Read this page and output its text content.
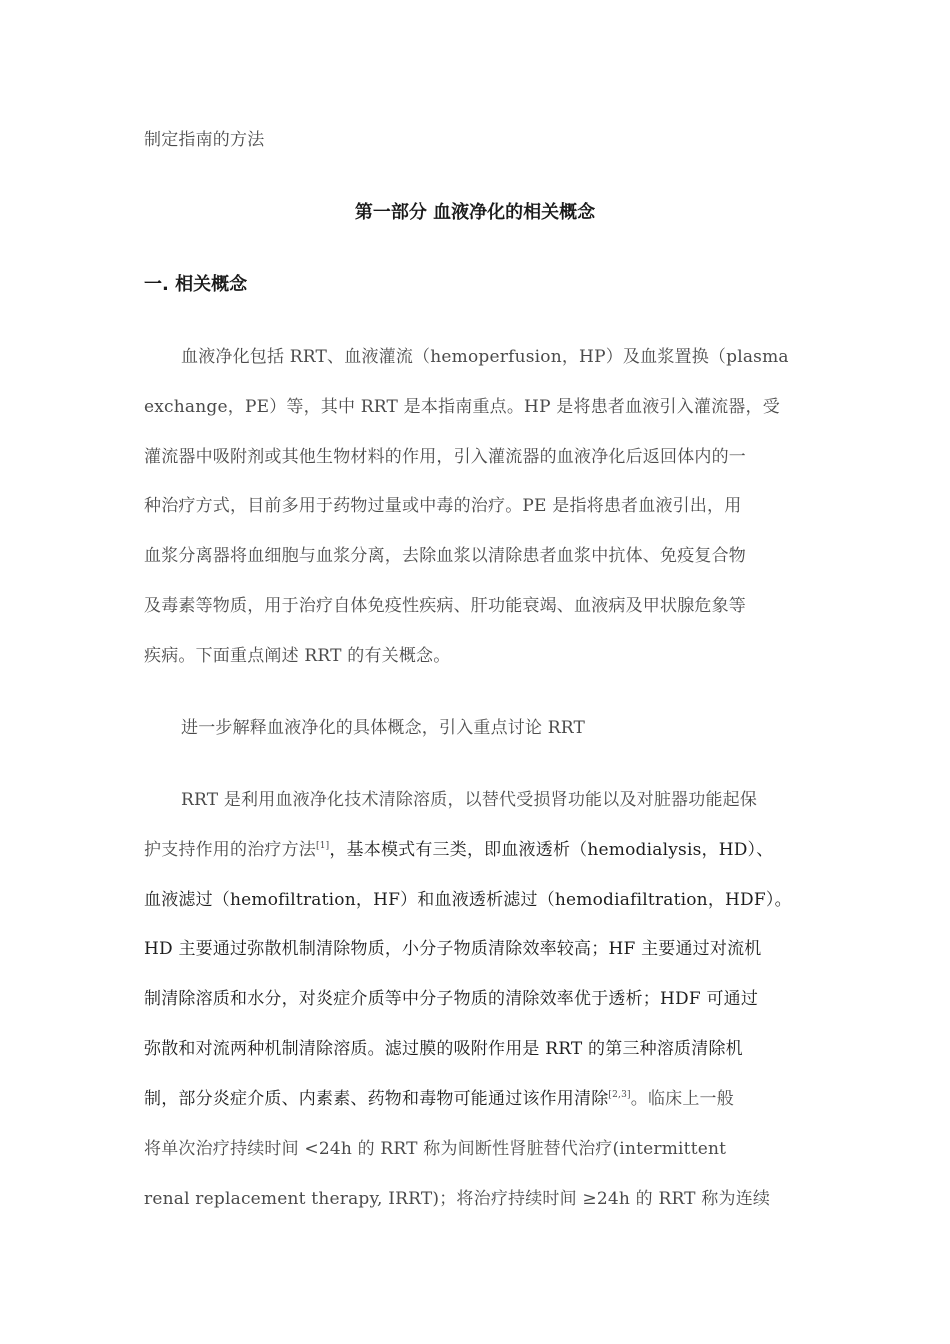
制定指南的方法
第一部分 血液净化的相关概念
一. 相关概念
血液净化包括 RRT、血液灌流（hemoperfusion，HP）及血浆置换（plasma
exchange，PE）等，其中 RRT 是本指南重点。HP 是将患者血液引入灌流器，受
灌流器中吸附剂或其他生物材料的作用，引入灌流器的血液净化后返回体内的一
种治疗方式，目前多用于药物过量或中毒的治疗。PE 是指将患者血液引出，用
血浆分离器将血细胞与血浆分离，去除血浆以清除患者血浆中抗体、免疫复合物
及毒素等物质，用于治疗自体免疫性疾病、肝功能衰竭、血液病及甲状腺危象等
疾病。下面重点阐述 RRT 的有关概念。
进一步解释血液净化的具体概念，引入重点讨论 RRT
RRT 是利用血液净化技术清除溶质，以替代受损肾功能以及对脏器功能起保
护支持作用的治疗方法[1]，基本模式有三类，即血液透析（hemodialysis，HD）、
血液滤过（hemofiltration，HF）和血液透析滤过（hemodiafiltration，HDF）。
HD 主要通过弥散机制清除物质，小分子物质清除效率较高；HF 主要通过对流机
制清除溶质和水分，对炎症介质等中分子物质的清除效率优于透析；HDF 可通过
弥散和对流两种机制清除溶质。滤过膜的吸附作用是 RRT 的第三种溶质清除机
制，部分炎症介质、内素素、药物和毒物可能通过该作用清除[2,3]。临床上一般
将单次治疗持续时间 <24h 的 RRT 称为间断性肾脏替代治疗(intermittent
renal replacement therapy, IRRT)；将治疗持续时间 ≥24h 的 RRT 称为连续
